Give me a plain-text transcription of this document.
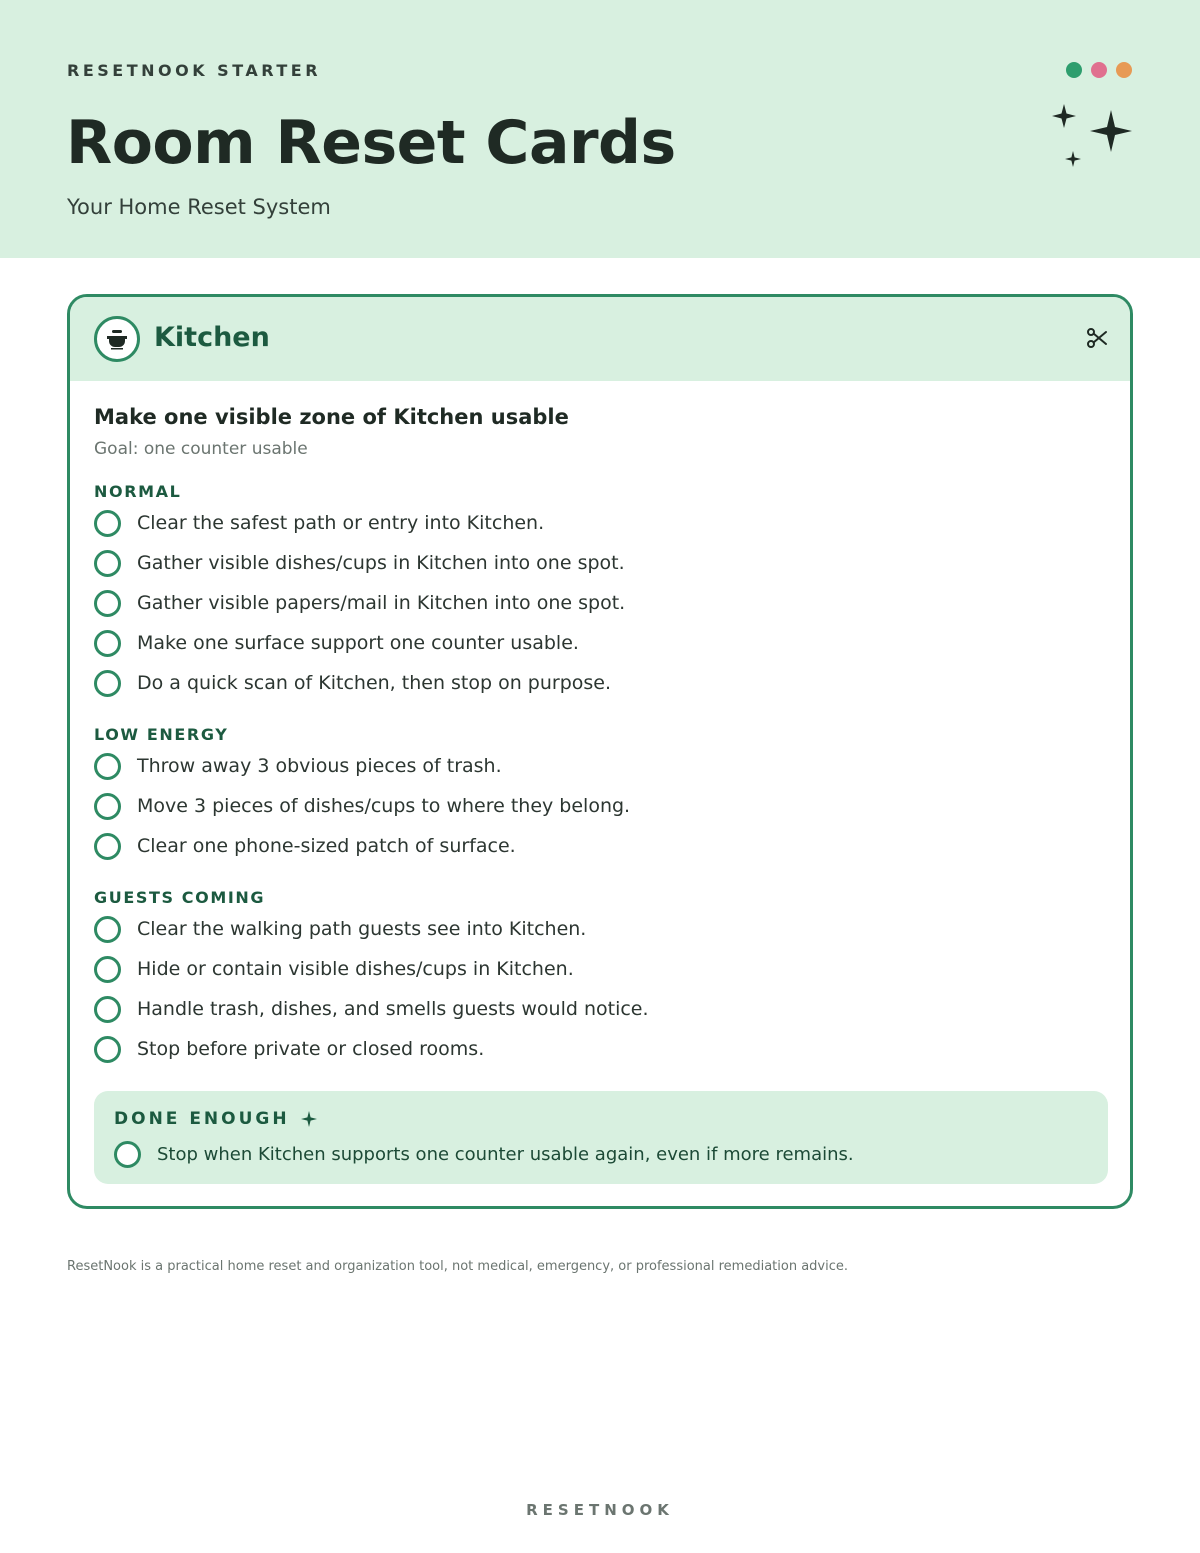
RESETNOOK STARTER
Room Reset Cards
Your Home Reset System
Kitchen
Make one visible zone of Kitchen usable
Goal: one counter usable
NORMAL
Clear the safest path or entry into Kitchen.
Gather visible dishes/cups in Kitchen into one spot.
Gather visible papers/mail in Kitchen into one spot.
Make one surface support one counter usable.
Do a quick scan of Kitchen, then stop on purpose.
LOW ENERGY
Throw away 3 obvious pieces of trash.
Move 3 pieces of dishes/cups to where they belong.
Clear one phone-sized patch of surface.
GUESTS COMING
Clear the walking path guests see into Kitchen.
Hide or contain visible dishes/cups in Kitchen.
Handle trash, dishes, and smells guests would notice.
Stop before private or closed rooms.
DONE ENOUGH
Stop when Kitchen supports one counter usable again, even if more remains.
ResetNook is a practical home reset and organization tool, not medical, emergency, or professional remediation advice.
RESETNOOK
